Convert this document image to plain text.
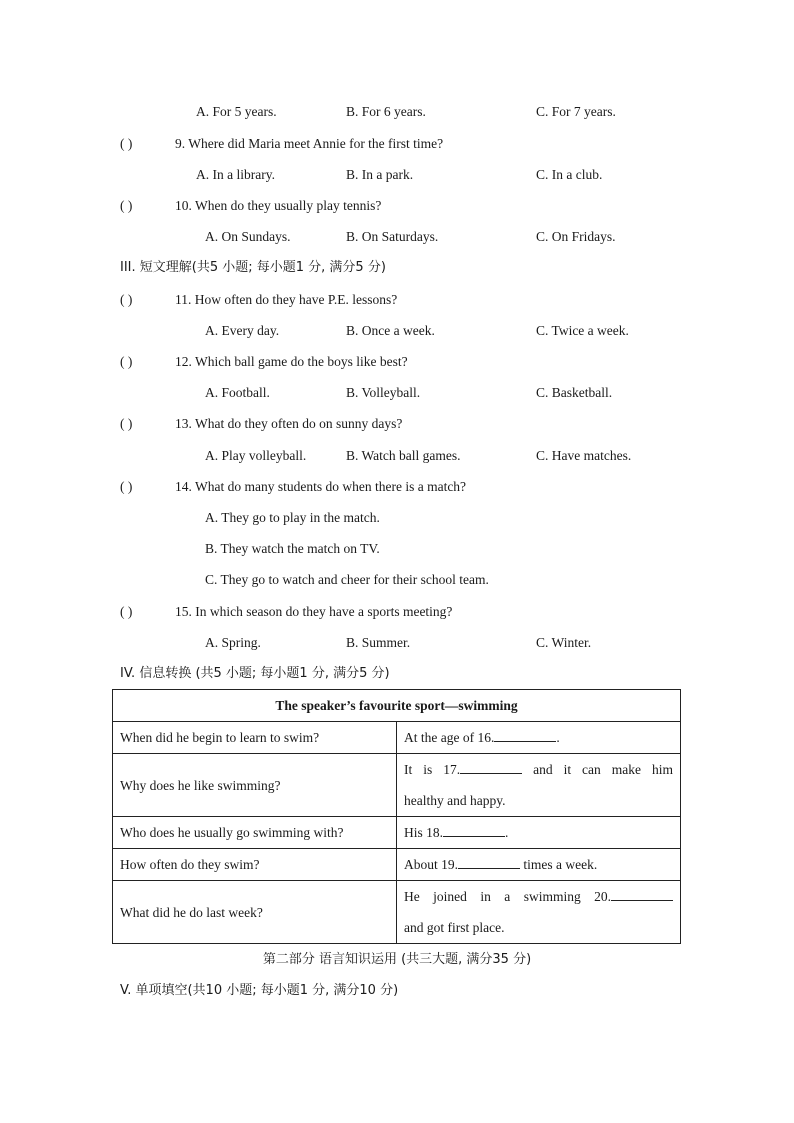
A. For 5 years.	B. For 6 years.	C. For 7 years.
( )	9. Where did Maria meet Annie for the first time?
A. In a library.	B. In a park.	C. In a club.
( )	10. When do they usually play tennis?
A. On Sundays.	B. On Saturdays.	C. On Fridays.
III. 短文理解(共5 小题; 每小题1 分, 满分5 分)
( )	11. How often do they have P.E. lessons?
A. Every day.	B. Once a week.	C. Twice a week.
( )	12. Which ball game do the boys like best?
A. Football.	B. Volleyball.	C. Basketball.
( )	13. What do they often do on sunny days?
A. Play volleyball.	B. Watch ball games.	C. Have matches.
( )	14. What do many students do when there is a match?
A. They go to play in the match.
B. They watch the match on TV.
C. They go to watch and cheer for their school team.
( )	15. In which season do they have a sports meeting?
A. Spring.	B. Summer.	C. Winter.
IV. 信息转换 (共5 小题; 每小题1 分, 满分5 分)
The speaker’s favourite sport—swimming	
When did he begin to learn to swim?	At the age of 16. .
Why does he like swimming?	It is 17. and it can make him
healthy and happy.

Who does he usually go swimming with?	His 18. .
How often do they swim?	About 19. times a week.
What did he do last week?	He joined in a swimming 20.
and got first place.
第二部分 语言知识运用 (共三大题, 满分35 分)
V. 单项填空(共10 小题; 每小题1 分, 满分10 分)
